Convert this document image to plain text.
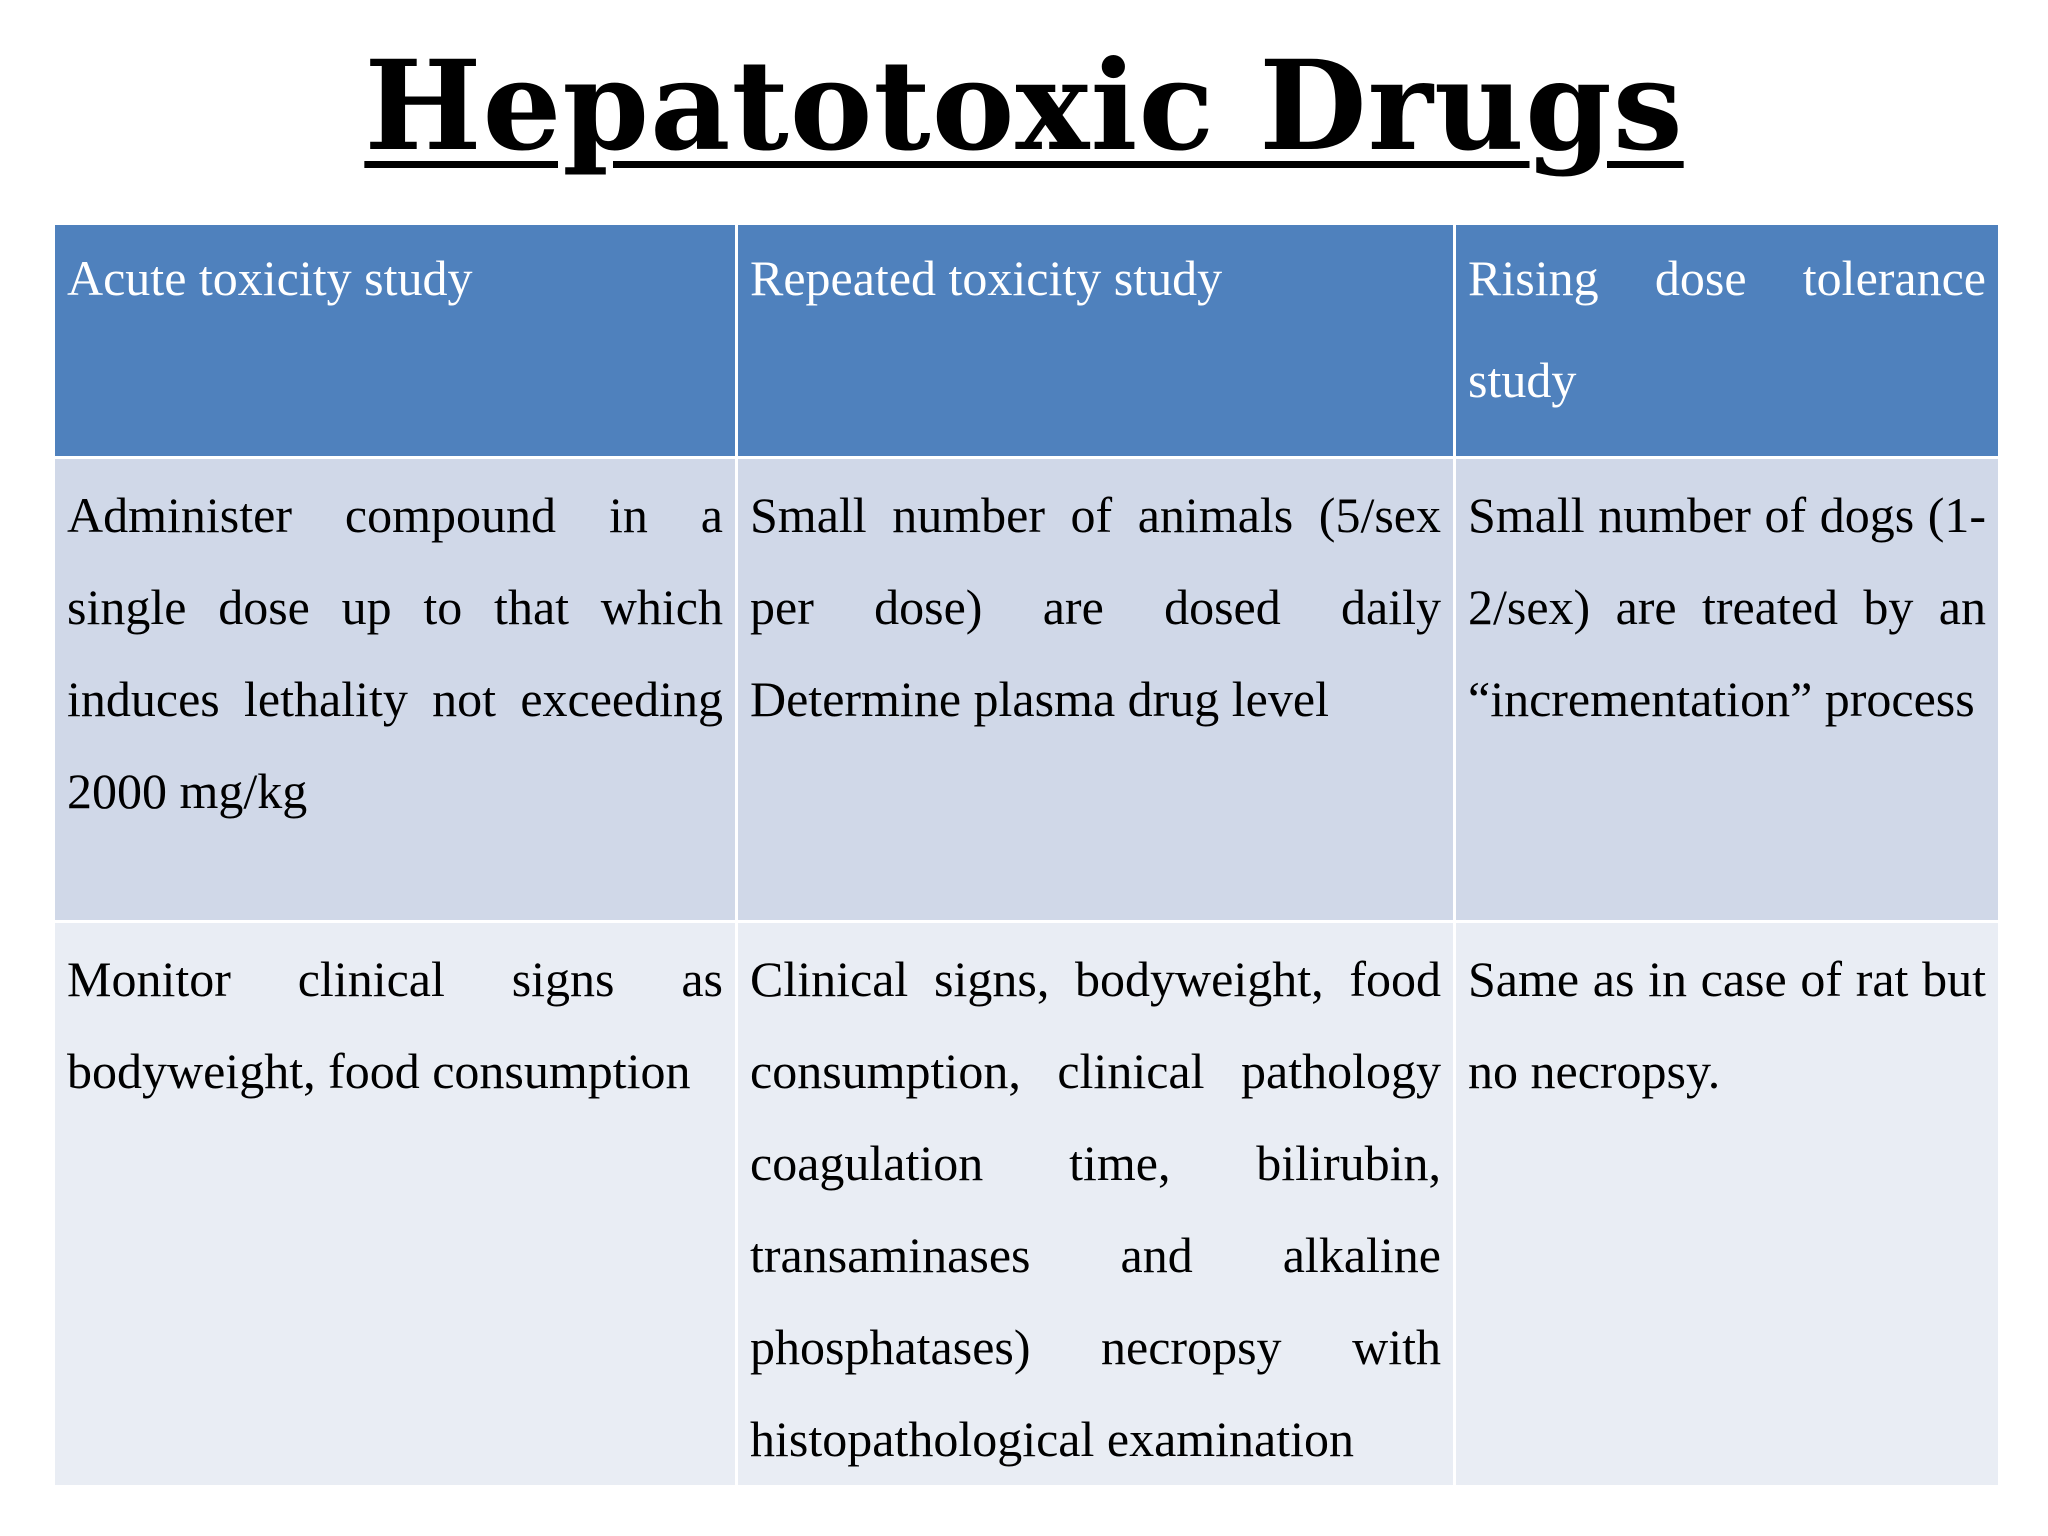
Hepatotoxic Drugs
Acute toxicity study	Repeated toxicity study	Rising dose tolerance study
Administer compound in a single dose up to that which induces lethality not exceeding 2000 mg/kg	Small number of animals (5/sex per dose) are dosed daily Determine plasma drug level	Small number of dogs (1- 2/sex) are treated by an “incrementation” process
Monitor clinical signs as bodyweight, food consumption	Clinical signs, bodyweight, food consumption, clinical pathology coagulation time, bilirubin, transaminases and alkaline phosphatases) necropsy with histopathological examination	Same as in case of rat but no necropsy.
